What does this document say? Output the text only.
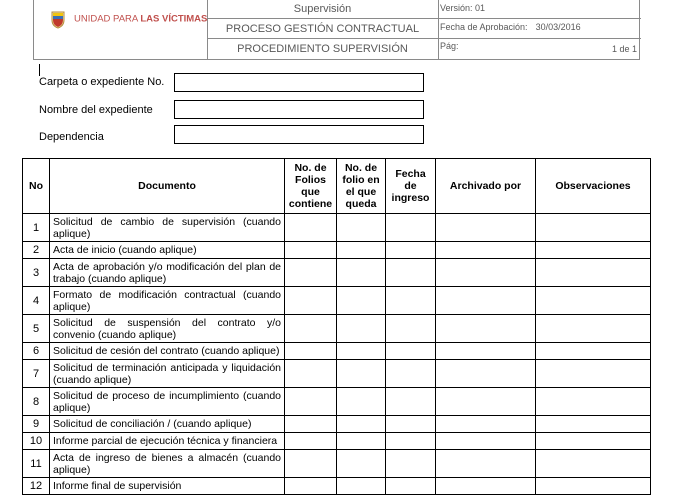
UNIDAD PARA LAS VÍCTIMAS
Supervisión
PROCESO GESTIÓN CONTRACTUAL
PROCEDIMIENTO SUPERVISIÓN
Versión: 01
Fecha de Aprobación: 30/03/2016
Pág:	1 de 1
Carpeta o expediente No.
Nombre del expediente
Dependencia
No	Documento	No. de Folios que contiene	No. de folio en el que queda	Fecha de ingreso	Archivado por	Observaciones
1	Solicitud de cambio de supervisión (cuando aplique)					
2	Acta de inicio (cuando aplique)					
3	Acta de aprobación y/o modificación del plan de trabajo (cuando aplique)					
4	Formato de modificación contractual (cuando aplique)					
5	Solicitud de suspensión del contrato y/o convenio (cuando aplique)					
6	Solicitud de cesión del contrato (cuando aplique)					
7	Solicitud de terminación anticipada y liquidación (cuando aplique)					
8	Solicitud de proceso de incumplimiento (cuando aplique)					
9	Solicitud de conciliación / (cuando aplique)					
10	Informe parcial de ejecución técnica y financiera					
11	Acta de ingreso de bienes a almacén (cuando aplique)					
12	Informe final de supervisión					
